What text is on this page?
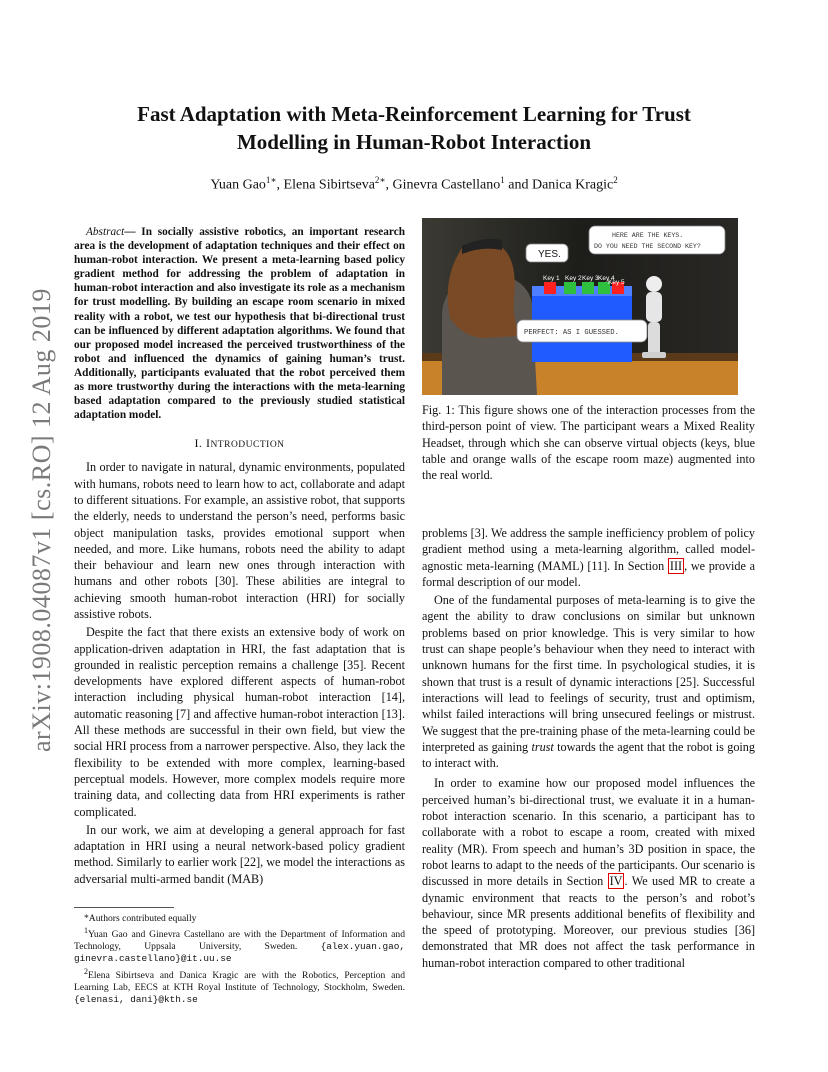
arXiv:1908.04087v1 [cs.RO] 12 Aug 2019
Fast Adaptation with Meta-Reinforcement Learning for Trust
Modelling in Human-Robot Interaction
Yuan Gao$^{1∗}$, Elena Sibirtseva$^{2∗}$, Ginevra Castellano$^1$ and Danica Kragic$^2$

Abstract— In socially assistive robotics, an important research area is the development of adaptation techniques and their effect on human-robot interaction. We present a meta-learning based policy gradient method for addressing the problem of adaptation in human-robot interaction and also investigate its role as a mechanism for trust modelling. By building an escape room scenario in mixed reality with a robot, we test our hypothesis that bi-directional trust can be influenced by different adaptation algorithms. We found that our proposed model increased the perceived trustworthiness of the robot and influenced the dynamics of gaining human’s trust. Additionally, participants evaluated that the robot perceived them as more trustworthy during the interactions with the meta-learning based adaptation compared to the previously studied statistical adaptation model.

I. INTRODUCTION

In order to navigate in natural, dynamic environments, populated with humans, robots need to learn how to act, collaborate and adapt to different situations. For example, an assistive robot, that supports the elderly, needs to understand the person’s need, performs basic object manipulation tasks, provides emotional support when needed, and more. Like humans, robots need the ability to adapt their behaviour and learn new ones through interaction with humans and other robots [30]. These abilities are integral to achieving smooth human-robot interaction (HRI) for socially assistive robots.

Despite the fact that there exists an extensive body of work on application-driven adaptation in HRI, the fast adaptation that is grounded in realistic perception remains a challenge [35]. Recent developments have explored different aspects of human-robot interaction including physical human-robot interaction [14], automatic reasoning [7] and affective human-robot interaction [13]. All these methods are successful in their own field, but view the social HRI process from a narrower perspective. Also, they lack the flexibility to be extended with more complex, learning-based perceptual models. However, more complex models require more training data, and collecting data from HRI experiments is rather complicated.

In our work, we aim at developing a general approach for fast adaptation in HRI using a neural network-based policy gradient method. Similarly to earlier work [22], we model the interactions as adversarial multi-armed bandit (MAB)

*Authors contributed equally

$^1$Yuan Gao and Ginevra Castellano are with the Department of Information and Technology, Uppsala University, Sweden. {alex.yuan.gao, ginevra.castellano}@it.uu.se

$^2$Elena Sibirtseva and Danica Kragic are with the Robotics, Perception and Learning Lab, EECS at KTH Royal Institute of Technology, Stockholm, Sweden. {elenasi, dani}@kth.se

Key 1 Key 2 Key 3 Key 4
Key 5
HERE ARE THE KEYS.
DO YOU NEED THE SECOND KEY?
YES.
PERFECT: AS I GUESSED.

Fig. 1: This figure shows one of the interaction processes from the third-person point of view. The participant wears a Mixed Reality Headset, through which she can observe virtual objects (keys, blue table and orange walls of the escape room maze) augmented into the real world.

problems [3]. We address the sample inefficiency problem of policy gradient method using a meta-learning algorithm, called model-agnostic meta-learning (MAML) [11]. In Section III , we provide a formal description of our model.

One of the fundamental purposes of meta-learning is to give the agent the ability to draw conclusions on similar but unknown problems based on prior knowledge. This is very similar to how trust can shape people’s behaviour when they need to interact with unknown humans for the first time. In psychological studies, it is shown that trust is a result of dynamic interactions [25]. Successful interactions will lead to feelings of security, trust and optimism, whilst failed interactions will bring unsecured feelings or mistrust. We suggest that the pre-training phase of the meta-learning could be interpreted as gaining trust towards the agent that the robot is going to interact with.

In order to examine how our proposed model influences the perceived human’s bi-directional trust, we evaluate it in a human-robot interaction scenario. In this scenario, a participant has to collaborate with a robot to escape a room, created with mixed reality (MR). From speech and human’s 3D position in space, the robot learns to adapt to the needs of the participants. Our scenario is discussed in more details in Section IV . We used MR to create a dynamic environment that reacts to the person’s and robot’s behaviour, since MR presents additional benefits of flexibility and the speed of prototyping. Moreover, our previous studies [36] demonstrated that MR does not affect the task performance in human-robot interaction compared to other traditional
